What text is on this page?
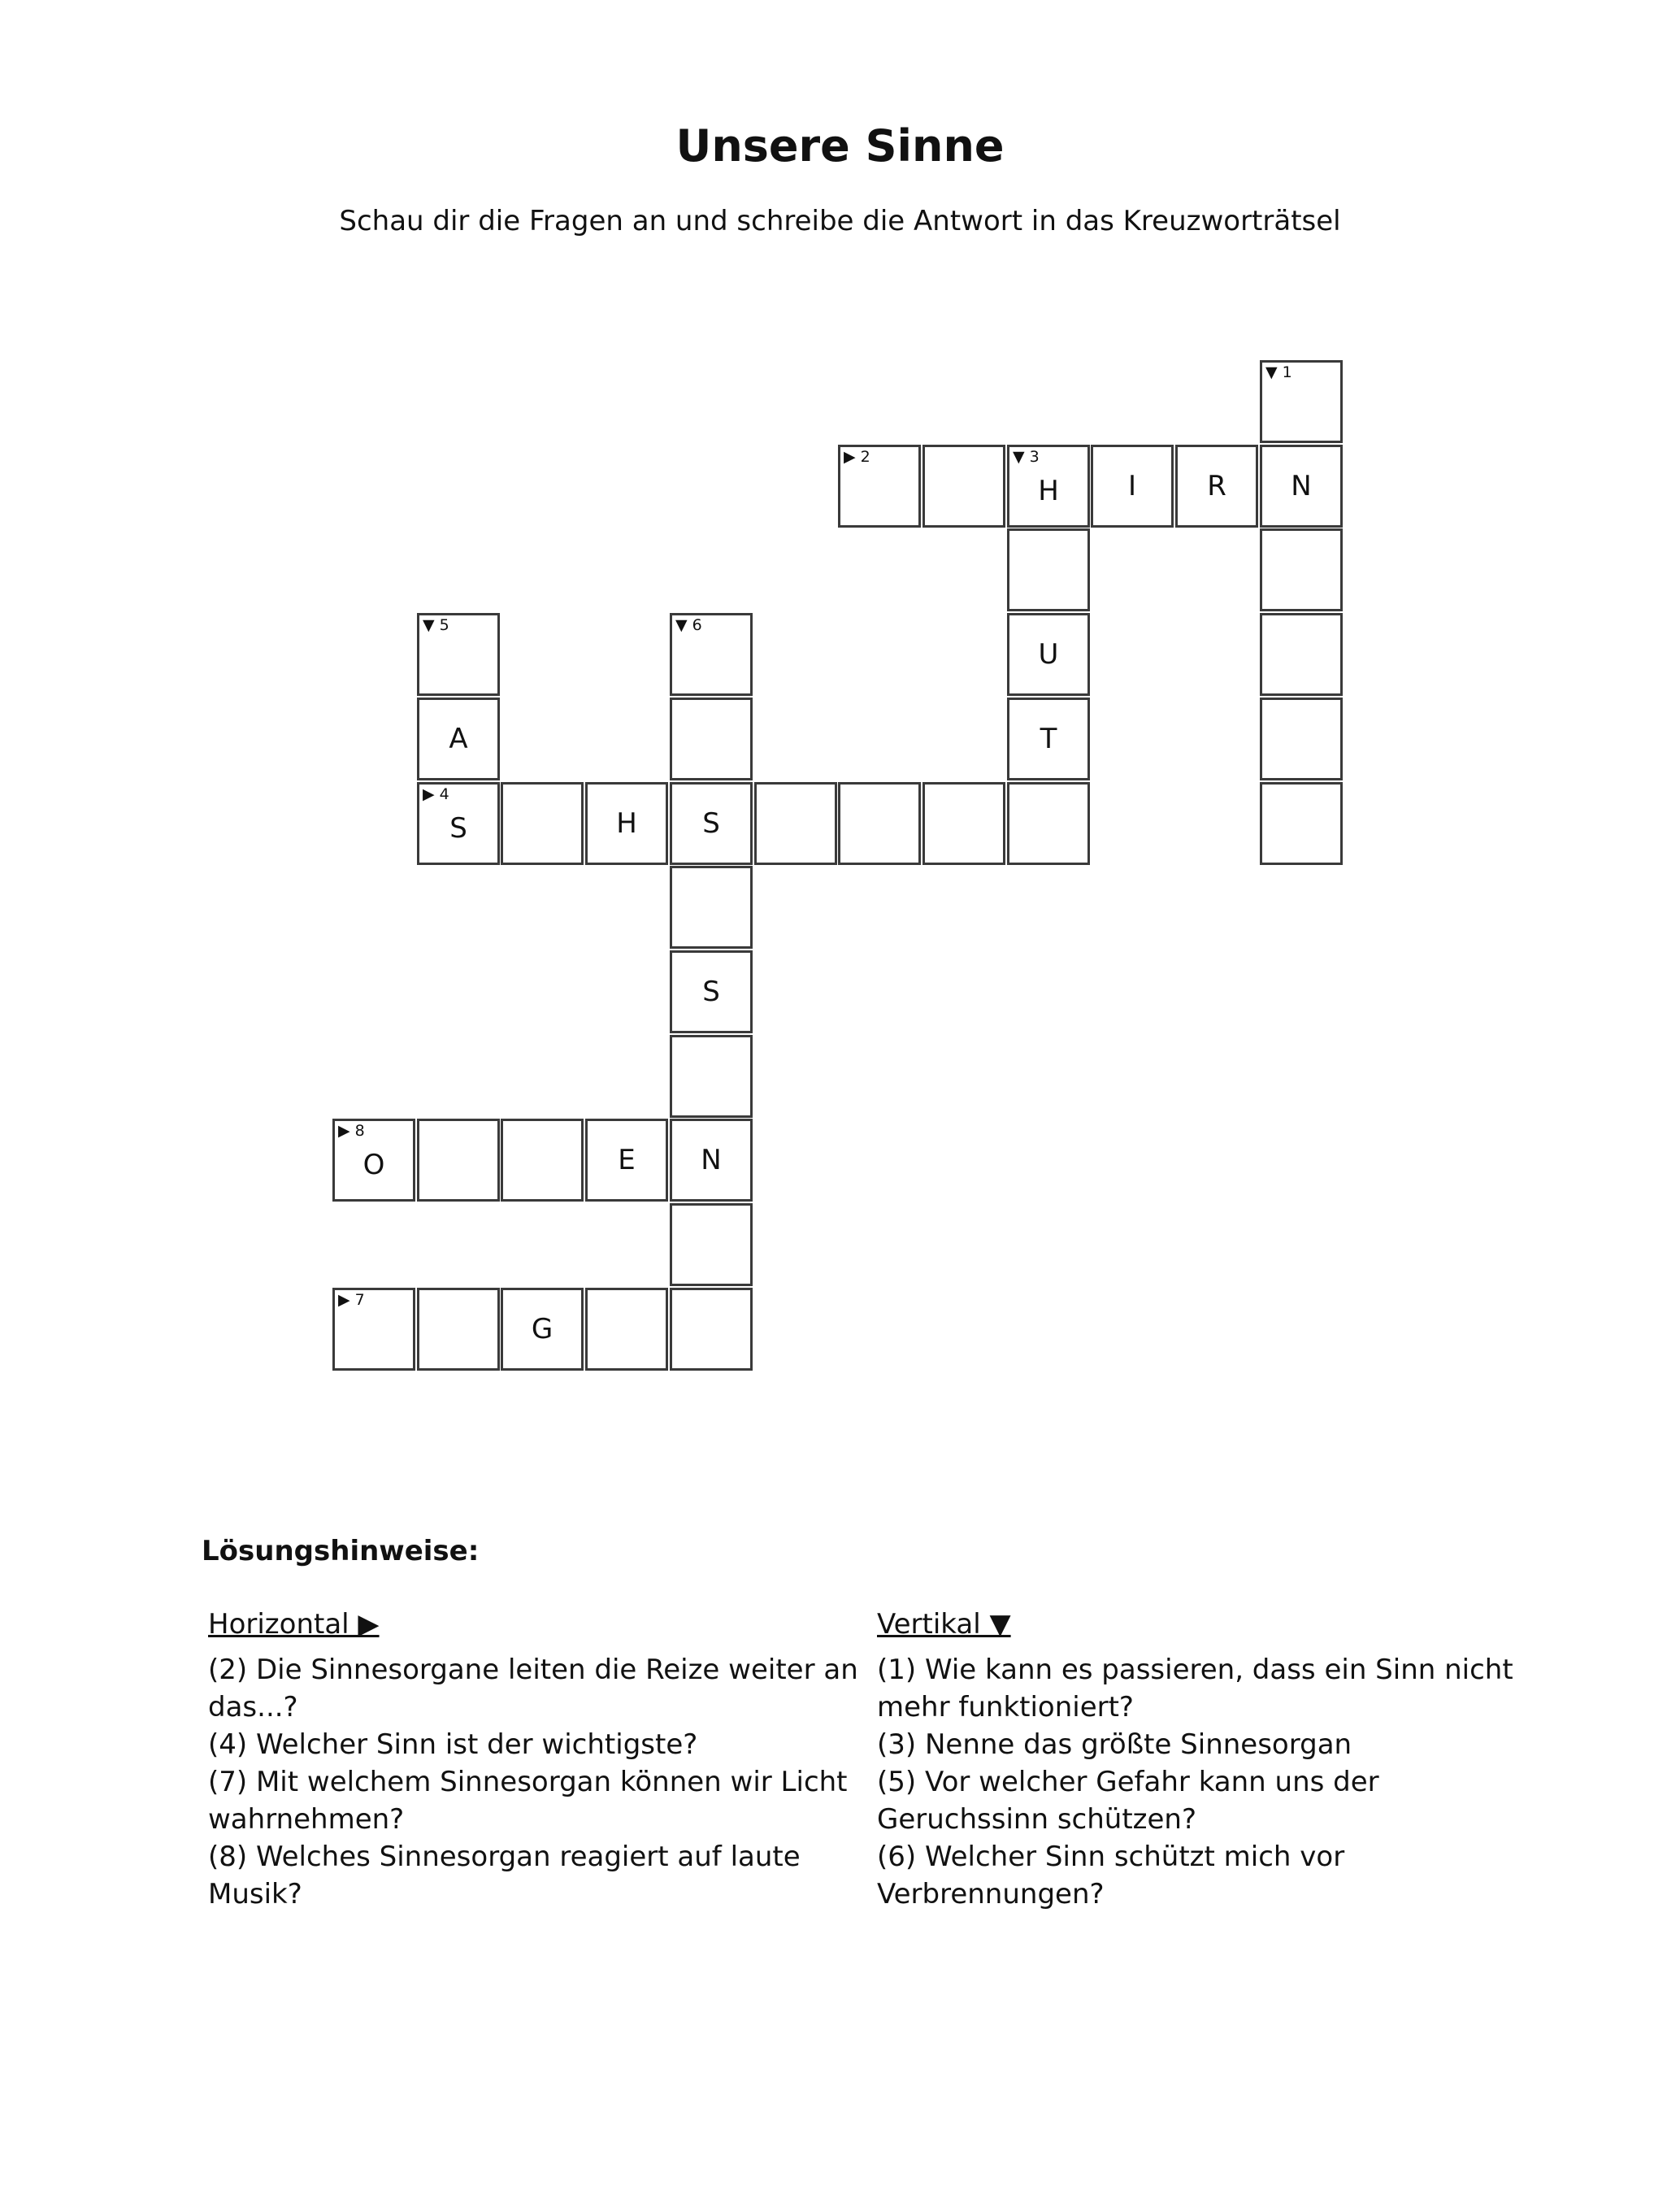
Unsere Sinne

Schau dir die Fragen an und schreibe die Antwort in das Kreuzworträtsel

▼ 1
▶ 2	▼ 3
H	I	R	N
▼ 5	▼ 6
U
A	T
▶ 4
S	H	S
S
▶ 8
O	E	N
▶ 7
G

Lösungshinweise:

Horizontal ▶

(2) Die Sinnesorgane leiten die Reize weiter an das...?

(4) Welcher Sinn ist der wichtigste?

(7) Mit welchem Sinnesorgan können wir Licht wahrnehmen?

(8) Welches Sinnesorgan reagiert auf laute Musik?

Vertikal ▼

(1) Wie kann es passieren, dass ein Sinn nicht mehr funktioniert?

(3) Nenne das größte Sinnesorgan

(5) Vor welcher Gefahr kann uns der Geruchssinn schützen?

(6) Welcher Sinn schützt mich vor Verbrennungen?
